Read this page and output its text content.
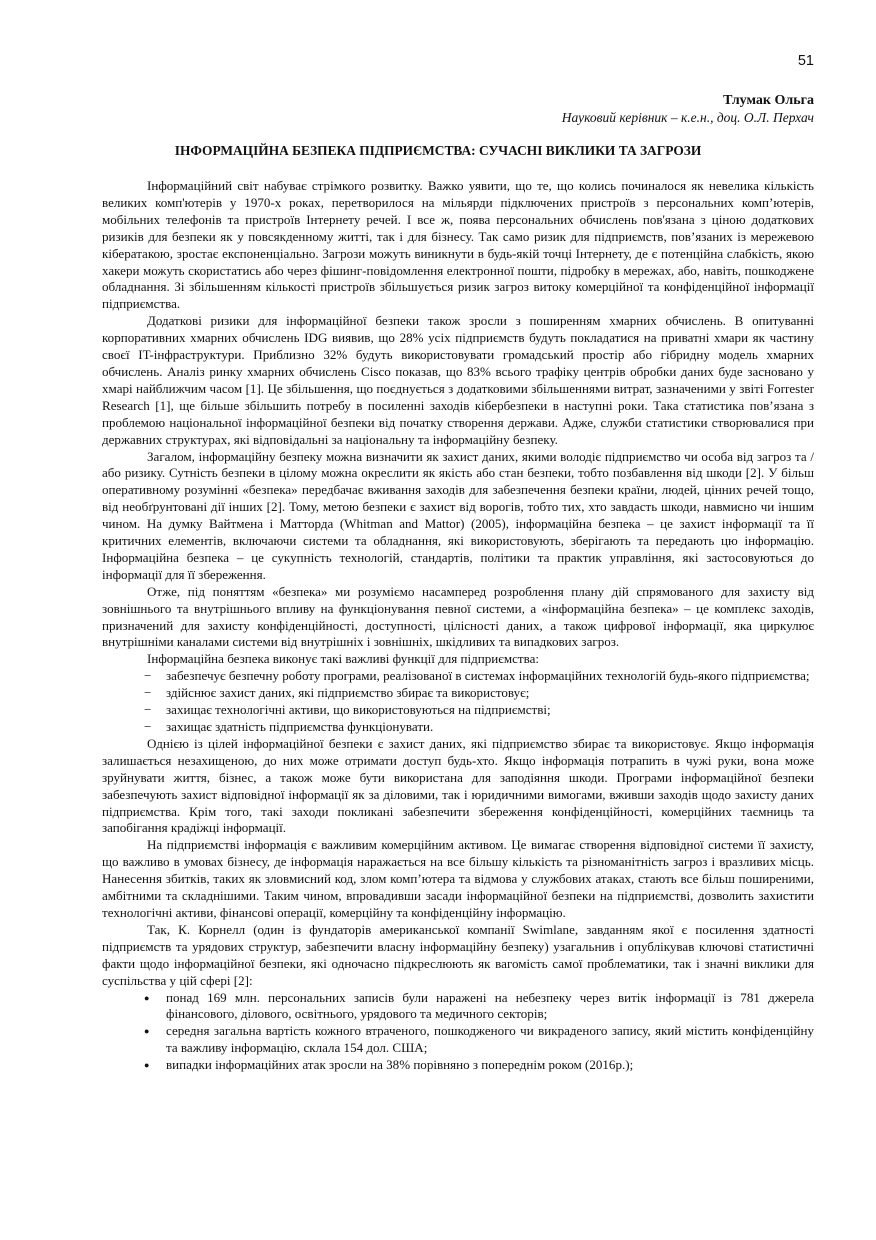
51
Тлумак Ольга
Науковий керівник – к.е.н., доц. О.Л. Перхач
ІНФОРМАЦІЙНА БЕЗПЕКА ПІДПРИЄМСТВА: СУЧАСНІ ВИКЛИКИ ТА ЗАГРОЗИ

Інформаційний світ набуває стрімкого розвитку. Важко уявити, що те, що колись починалося як невелика кількість великих комп'ютерів у 1970-х роках, перетворилося на мільярди підключених пристроїв з персональних комп’ютерів, мобільних телефонів та пристроїв Інтернету речей. І все ж, поява персональних обчислень пов'язана з ціною додаткових ризиків для безпеки як у повсякденному житті, так і для бізнесу. Так само ризик для підприємств, пов’язаних із мережевою кібератакою, зростає експоненціально. Загрози можуть виникнути в будь-якій точці Інтернету, де є потенційна слабкість, якою хакери можуть скористатись або через фішинг-повідомлення електронної пошти, підробку в мережах, або, навіть, пошкоджене обладнання. Зі збільшенням кількості пристроїв збільшується ризик загроз витоку комерційної та конфіденційної інформації підприємства.

Додаткові ризики для інформаційної безпеки також зросли з поширенням хмарних обчислень. В опитуванні корпоративних хмарних обчислень IDG виявив, що 28% усіх підприємств будуть покладатися на приватні хмари як частину своєї IT-інфраструктури. Приблизно 32% будуть використовувати громадський простір або гібридну модель хмарних обчислень. Аналіз ринку хмарних обчислень Cisco показав, що 83% всього трафіку центрів обробки даних буде засновано у хмарі найближчим часом [1]. Це збільшення, що поєднується з додатковими збільшеннями витрат, зазначеними у звіті Forrester Research [1], ще більше збільшить потребу в посиленні заходів кібербезпеки в наступні роки. Така статистика пов’язана з проблемою національної інформаційної безпеки від початку створення держави. Адже, служби статистики створювалися при державних структурах, які відповідальні за національну та інформаційну безпеку.

Загалом, інформаційну безпеку можна визначити як захист даних, якими володіє підприємство чи особа від загроз та / або ризику. Сутність безпеки в цілому можна окреслити як якість або стан безпеки, тобто позбавлення від шкоди [2]. У більш оперативному розумінні «безпека» передбачає вживання заходів для забезпечення безпеки країни, людей, цінних речей тощо, від необґрунтовані дії інших [2]. Тому, метою безпеки є захист від ворогів, тобто тих, хто завдасть шкоди, навмисно чи іншим чином. На думку Вайтмена і Матторда (Whitman and Mattor) (2005), інформаційна безпека – це захист інформації та її критичних елементів, включаючи системи та обладнання, які використовують, зберігають та передають цю інформацію. Інформаційна безпека – це сукупність технологій, стандартів, політики та практик управління, які застосовуються до інформації для її збереження.

Отже, під поняттям «безпека» ми розуміємо насамперед розроблення плану дій спрямованого для захисту від зовнішнього та внутрішнього впливу на функціонування певної системи, а «інформаційна безпека» – це комплекс заходів, призначений для захисту конфіденційності, доступності, цілісності даних, а також цифрової інформації, яка циркулює внутрішніми каналами системи від внутрішніх і зовнішніх, шкідливих та випадкових загроз.

Інформаційна безпека виконує такі важливі функції для підприємства:

− забезпечує безпечну роботу програми, реалізованої в системах інформаційних технологій будь-якого підприємства;
− здійснює захист даних, які підприємство збирає та використовує;
− захищає технологічні активи, що використовуються на підприємстві;
− захищає здатність підприємства функціонувати.

Однією із цілей інформаційної безпеки є захист даних, які підприємство збирає та використовує. Якщо інформація залишається незахищеною, до них може отримати доступ будь-хто. Якщо інформація потрапить в чужі руки, вона може зруйнувати життя, бізнес, а також може бути використана для заподіяння шкоди. Програми інформаційної безпеки забезпечують захист відповідної інформації як за діловими, так і юридичними вимогами, вживши заходів щодо захисту даних підприємства. Крім того, такі заходи покликані забезпечити збереження конфіденційності, комерційних таємниць та запобігання крадіжці інформації.

На підприємстві інформація є важливим комерційним активом. Це вимагає створення відповідної системи її захисту, що важливо в умовах бізнесу, де інформація наражається на все більшу кількість та різноманітність загроз і вразливих місць. Нанесення збитків, таких як зловмисний код, злом комп’ютера та відмова у службових атаках, стають все більш поширеними, амбітними та складнішими. Таким чином, впровадивши засади інформаційної безпеки на підприємстві, дозволить захистити технологічні активи, фінансові операції, комерційну та конфіденційну інформацію.

Так, К. Корнелл (один із фундаторів американської компанії Swimlane, завданням якої є посилення здатності підприємств та урядових структур, забезпечити власну інформаційну безпеку) узагальнив і опублікував ключові статистичні факти щодо інформаційної безпеки, які одночасно підкреслюють як вагомість самої проблематики, так і значні виклики для суспільства у цій сфері [2]:

● понад 169 млн. персональних записів були наражені на небезпеку через витік інформації із 781 джерела фінансового, ділового, освітнього, урядового та медичного секторів;
● середня загальна вартість кожного втраченого, пошкодженого чи викраденого запису, який містить конфіденційну та важливу інформацію, склала 154 дол. США;
● випадки інформаційних атак зросли на 38% порівняно з попереднім роком (2016р.);
